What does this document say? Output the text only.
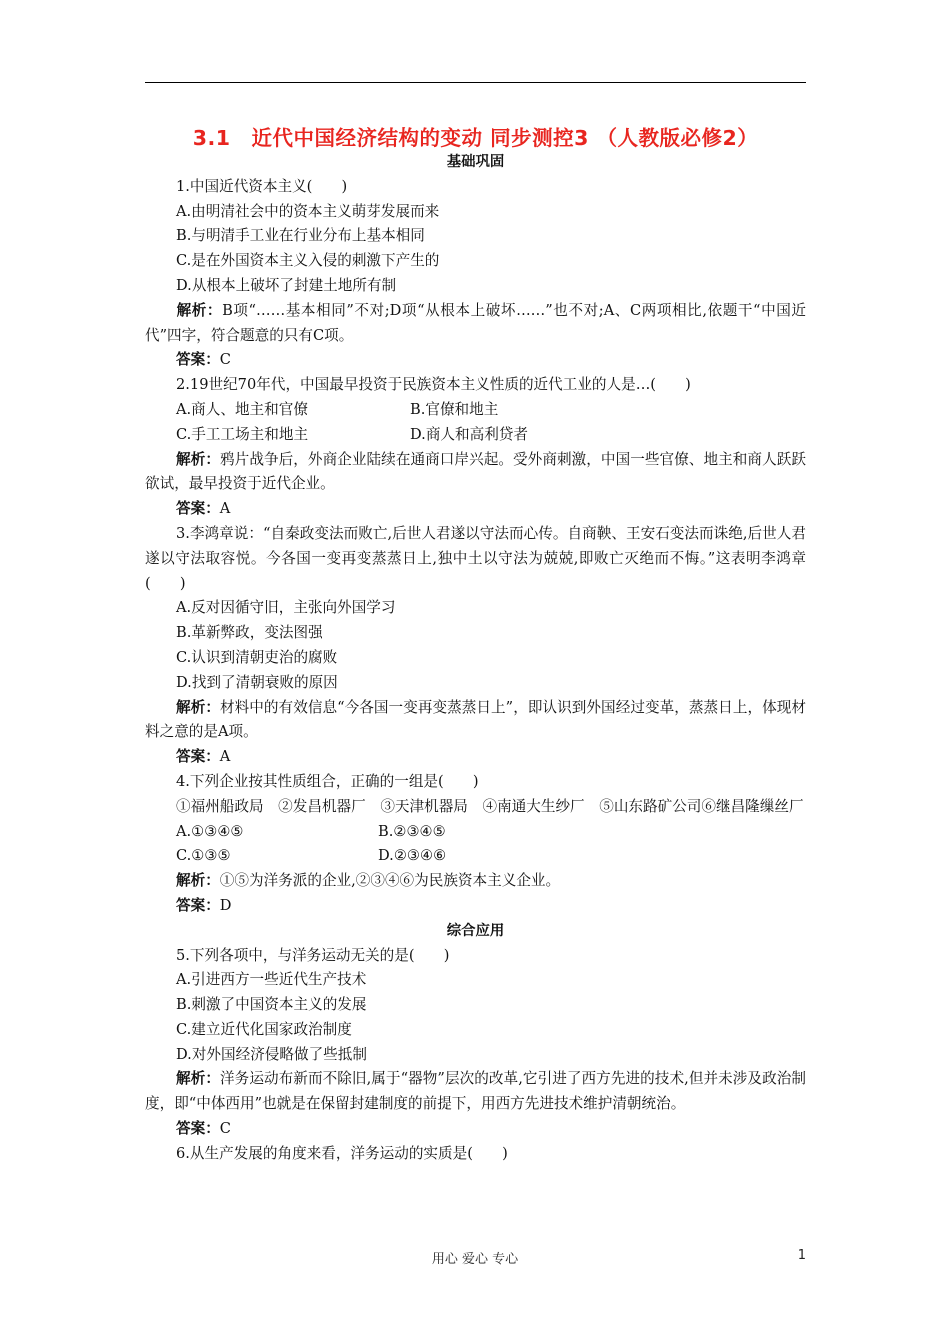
3.1　近代中国经济结构的变动 同步测控3 （人教版必修2）
基础巩固
1.中国近代资本主义(　　)
A.由明清社会中的资本主义萌芽发展而来
B.与明清手工业在行业分布上基本相同
C.是在外国资本主义入侵的刺激下产生的
D.从根本上破坏了封建土地所有制
解析：B项“……基本相同”不对;D项“从根本上破坏……”也不对;A、C两项相比,依题干“中国近代”四字，符合题意的只有C项。
答案：C
2.19世纪70年代，中国最早投资于民族资本主义性质的近代工业的人是…(　　)
A.商人、地主和官僚	B.官僚和地主
C.手工工场主和地主	D.商人和高利贷者
解析：鸦片战争后，外商企业陆续在通商口岸兴起。受外商刺激，中国一些官僚、地主和商人跃跃欲试，最早投资于近代企业。
答案：A
3.李鸿章说：“自秦政变法而败亡,后世人君遂以守法而心传。自商鞅、王安石变法而诛绝,后世人君遂以守法取容悦。今各国一变再变蒸蒸日上,独中土以守法为兢兢,即败亡灭绝而不悔。”这表明李鸿章(　　)
A.反对因循守旧，主张向外国学习
B.革新弊政，变法图强
C.认识到清朝吏治的腐败
D.找到了清朝衰败的原因
解析：材料中的有效信息“今各国一变再变蒸蒸日上”，即认识到外国经过变革，蒸蒸日上，体现材料之意的是A项。
答案：A
4.下列企业按其性质组合，正确的一组是(　　)
①福州船政局　②发昌机器厂　③天津机器局　④南通大生纱厂　⑤山东路矿公司⑥继昌隆缫丝厂
A.①③④⑤	B.②③④⑤
C.①③⑤	D.②③④⑥
解析：①⑤为洋务派的企业,②③④⑥为民族资本主义企业。
答案：D
综合应用
5.下列各项中，与洋务运动无关的是(　　)
A.引进西方一些近代生产技术
B.刺激了中国资本主义的发展
C.建立近代化国家政治制度
D.对外国经济侵略做了些抵制
解析：洋务运动布新而不除旧,属于“器物”层次的改革,它引进了西方先进的技术,但并未涉及政治制度，即“中体西用”也就是在保留封建制度的前提下，用西方先进技术维护清朝统治。
答案：C
6.从生产发展的角度来看，洋务运动的实质是(　　)
用心 爱心 专心	1
